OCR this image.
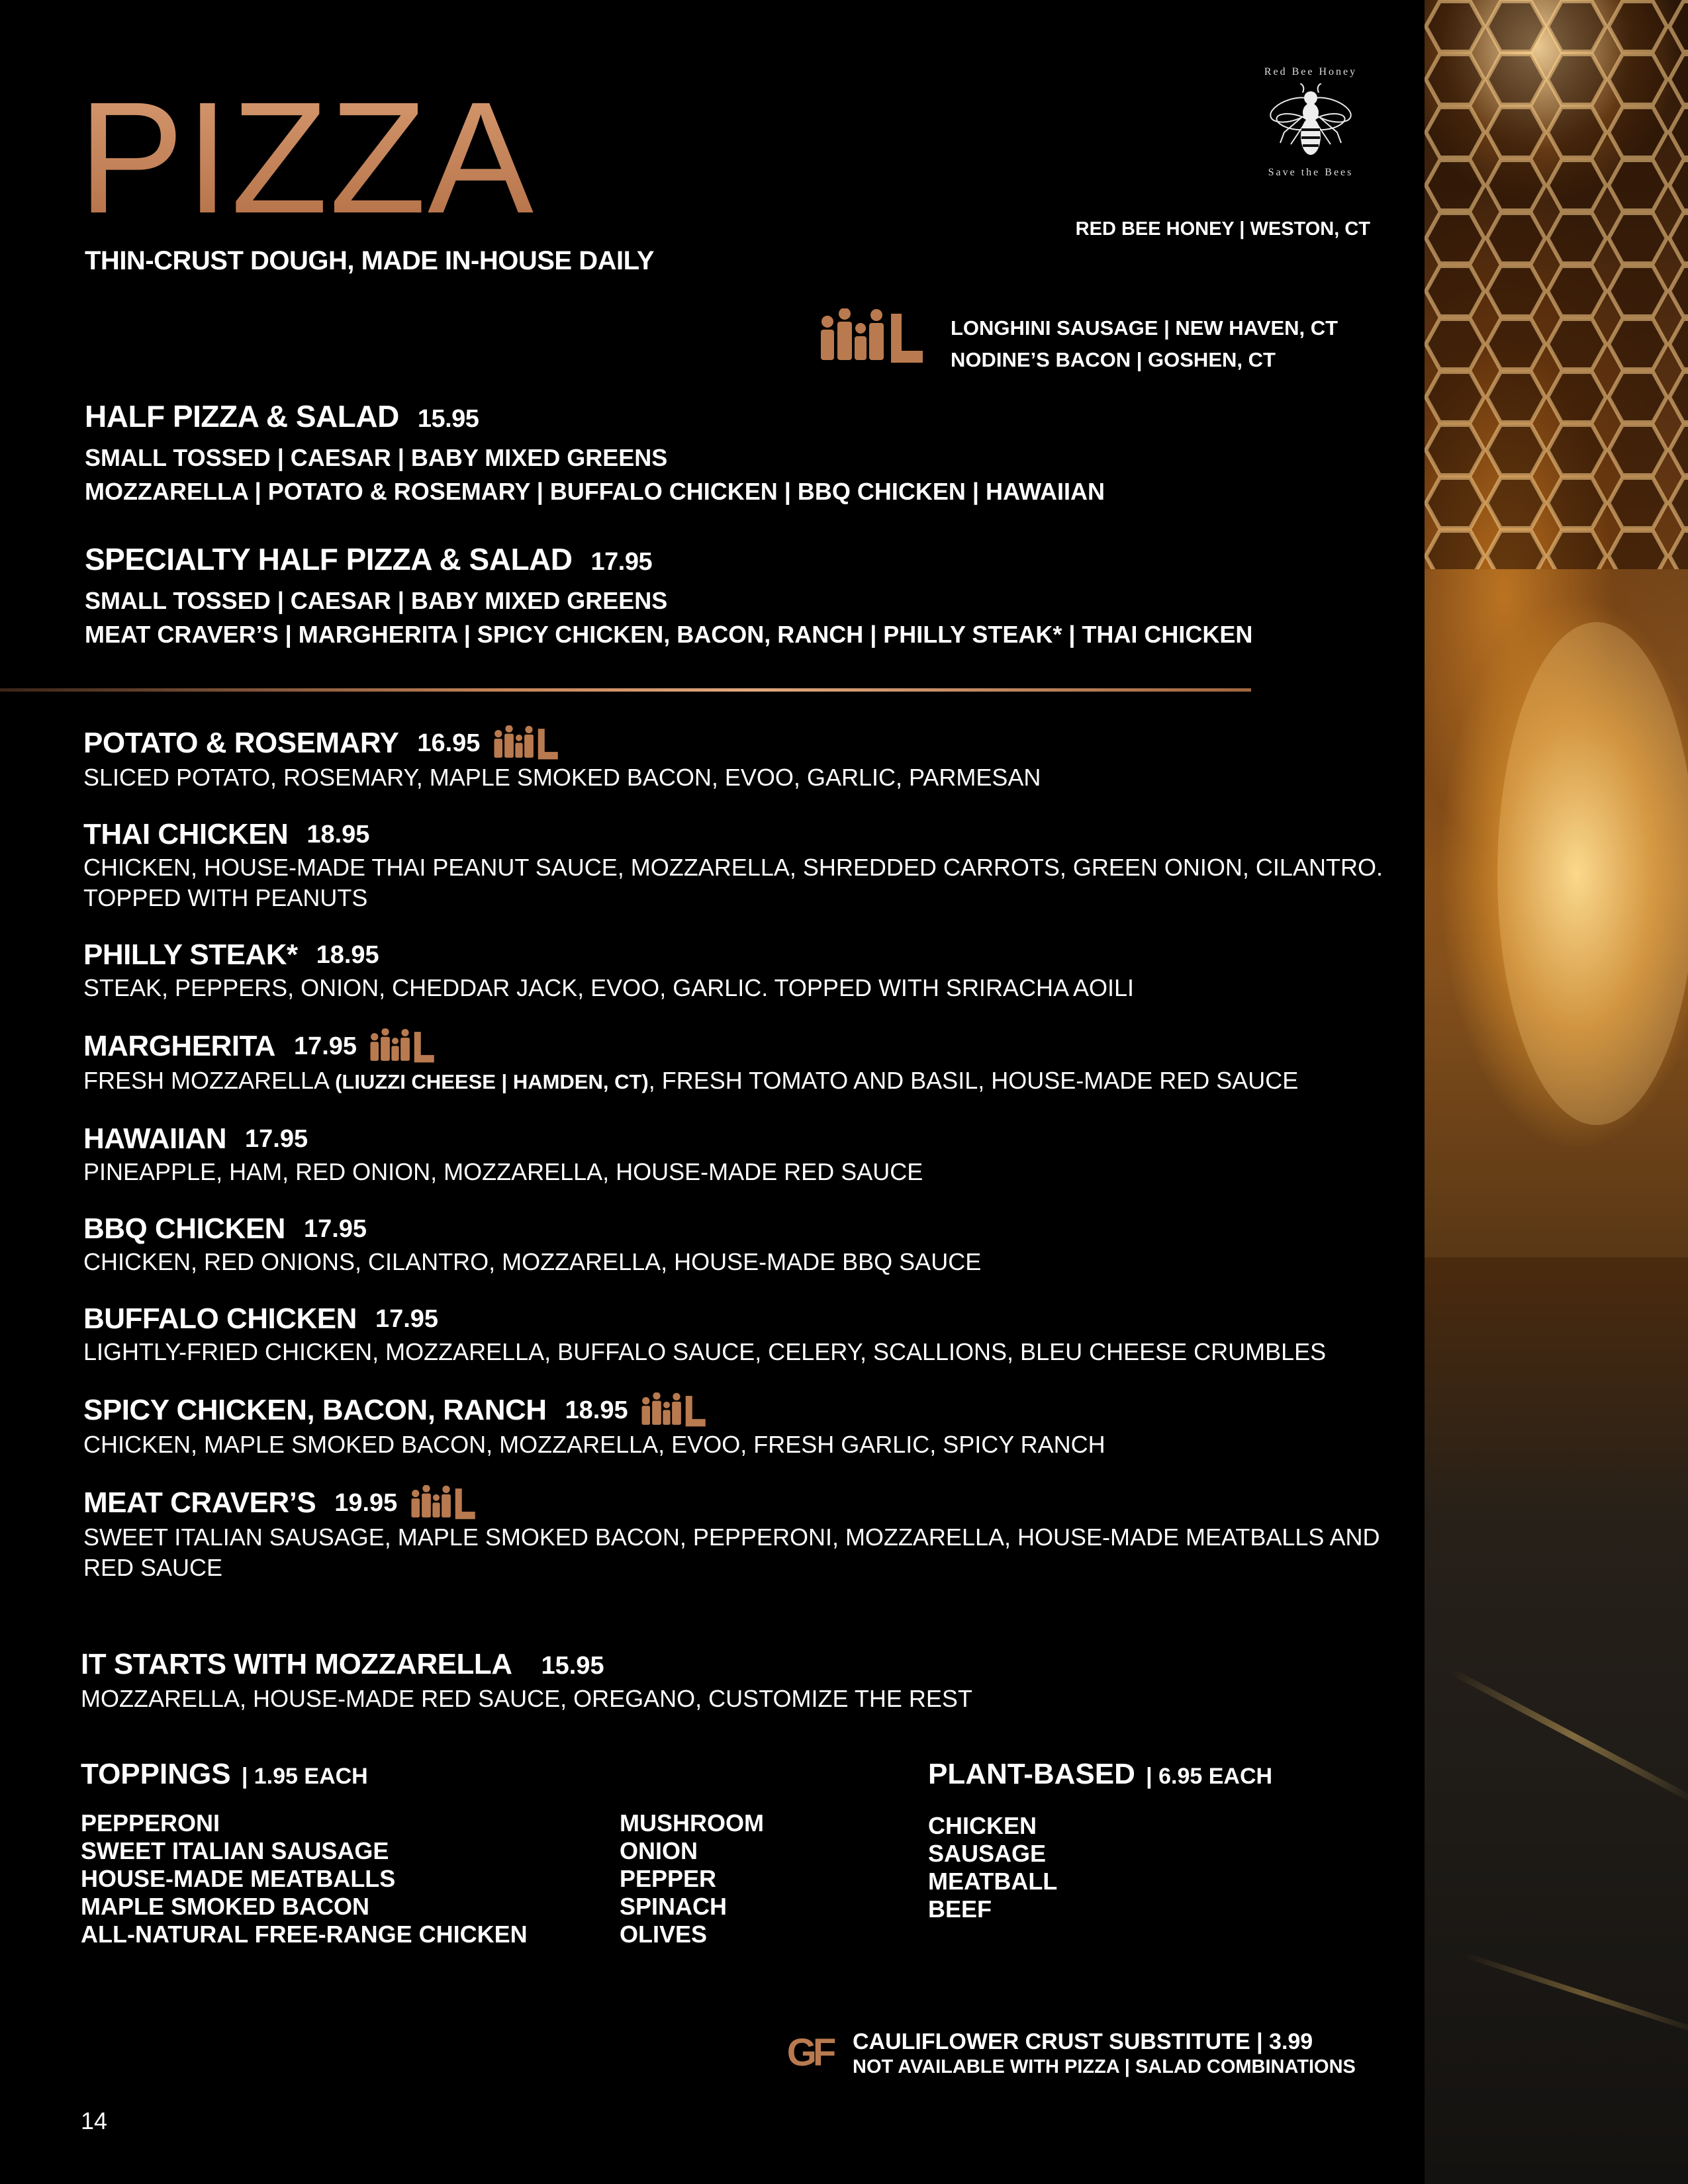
PIZZA
THIN-CRUST DOUGH, MADE IN-HOUSE DAILY
Red Bee Honey
Save the Bees
RED BEE HONEY | WESTON, CT
LONGHINI SAUSAGE | NEW HAVEN, CT
NODINE’S BACON | GOSHEN, CT
HALF PIZZA & SALAD 15.95

SMALL TOSSED | CAESAR | BABY MIXED GREENS

MOZZARELLA | POTATO & ROSEMARY | BUFFALO CHICKEN | BBQ CHICKEN | HAWAIIAN

SPECIALTY HALF PIZZA & SALAD 17.95

SMALL TOSSED | CAESAR | BABY MIXED GREENS

MEAT CRAVER’S | MARGHERITA | SPICY CHICKEN, BACON, RANCH | PHILLY STEAK* | THAI CHICKEN

POTATO & ROSEMARY 16.95
SLICED POTATO, ROSEMARY, MAPLE SMOKED BACON, EVOO, GARLIC, PARMESAN
THAI CHICKEN 18.95
CHICKEN, HOUSE-MADE THAI PEANUT SAUCE, MOZZARELLA, SHREDDED CARROTS, GREEN ONION, CILANTRO. TOPPED WITH PEANUTS
PHILLY STEAK* 18.95
STEAK, PEPPERS, ONION, CHEDDAR JACK, EVOO, GARLIC. TOPPED WITH SRIRACHA AOILI
MARGHERITA 17.95
FRESH MOZZARELLA (LIUZZI CHEESE | HAMDEN, CT), FRESH TOMATO AND BASIL, HOUSE-MADE RED SAUCE
HAWAIIAN 17.95
PINEAPPLE, HAM, RED ONION, MOZZARELLA, HOUSE-MADE RED SAUCE
BBQ CHICKEN 17.95
CHICKEN, RED ONIONS, CILANTRO, MOZZARELLA, HOUSE-MADE BBQ SAUCE
BUFFALO CHICKEN 17.95
LIGHTLY-FRIED CHICKEN, MOZZARELLA, BUFFALO SAUCE, CELERY, SCALLIONS, BLEU CHEESE CRUMBLES
SPICY CHICKEN, BACON, RANCH 18.95
CHICKEN, MAPLE SMOKED BACON, MOZZARELLA, EVOO, FRESH GARLIC, SPICY RANCH
MEAT CRAVER’S 19.95
SWEET ITALIAN SAUSAGE, MAPLE SMOKED BACON, PEPPERONI, MOZZARELLA, HOUSE-MADE MEATBALLS AND RED SAUCE
IT STARTS WITH MOZZARELLA 15.95
MOZZARELLA, HOUSE-MADE RED SAUCE, OREGANO, CUSTOMIZE THE REST
TOPPINGS | 1.95 EACH
PEPPERONI
SWEET ITALIAN SAUSAGE
HOUSE-MADE MEATBALLS
MAPLE SMOKED BACON
ALL-NATURAL FREE-RANGE CHICKEN
MUSHROOM
ONION
PEPPER
SPINACH
OLIVES
PLANT-BASED | 6.95 EACH
CHICKEN
SAUSAGE
MEATBALL
BEEF
GF CAULIFLOWER CRUST SUBSTITUTE | 3.99
NOT AVAILABLE WITH PIZZA | SALAD COMBINATIONS
14
